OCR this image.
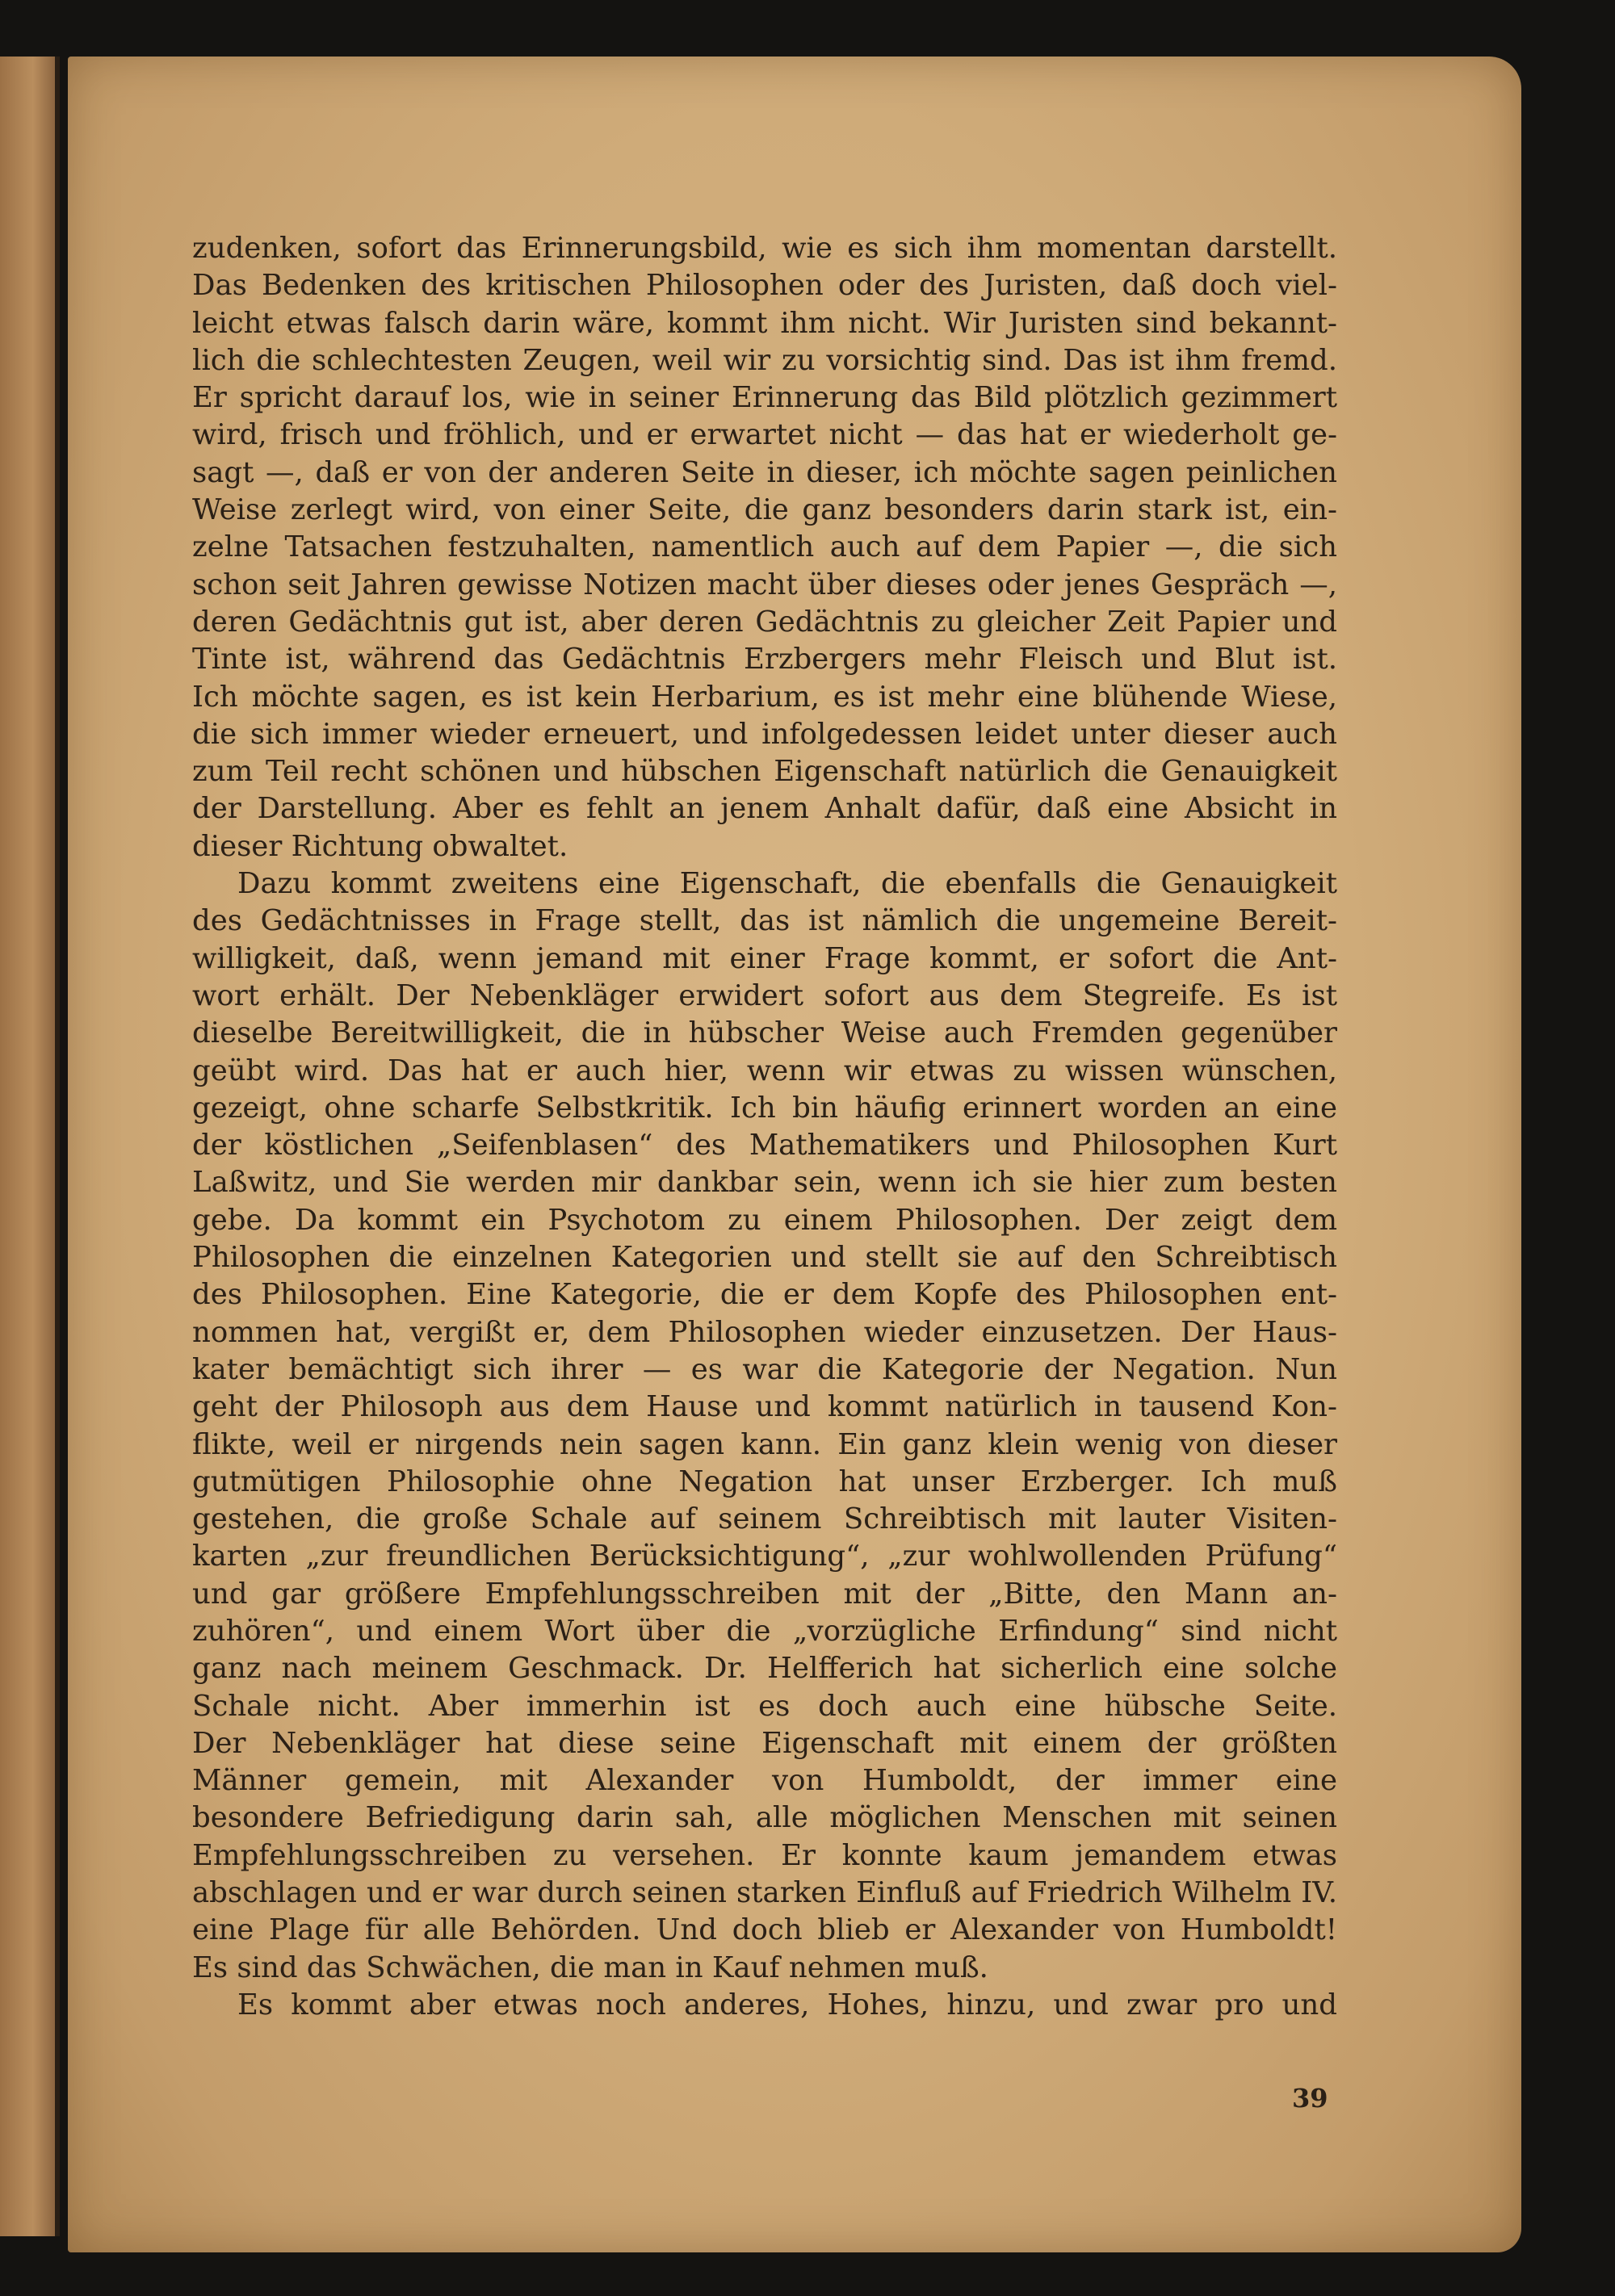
zudenken, sofort das Erinnerungsbild, wie es sich ihm momentan darstellt.
Das Bedenken des kritischen Philosophen oder des Juristen, daß doch viel-
leicht etwas falsch darin wäre, kommt ihm nicht. Wir Juristen sind bekannt-
lich die schlechtesten Zeugen, weil wir zu vorsichtig sind. Das ist ihm fremd.
Er spricht darauf los, wie in seiner Erinnerung das Bild plötzlich gezimmert
wird, frisch und fröhlich, und er erwartet nicht — das hat er wiederholt ge-
sagt —, daß er von der anderen Seite in dieser, ich möchte sagen peinlichen
Weise zerlegt wird, von einer Seite, die ganz besonders darin stark ist, ein-
zelne Tatsachen festzuhalten, namentlich auch auf dem Papier —, die sich
schon seit Jahren gewisse Notizen macht über dieses oder jenes Gespräch —,
deren Gedächtnis gut ist, aber deren Gedächtnis zu gleicher Zeit Papier und
Tinte ist, während das Gedächtnis Erzbergers mehr Fleisch und Blut ist.
Ich möchte sagen, es ist kein Herbarium, es ist mehr eine blühende Wiese,
die sich immer wieder erneuert, und infolgedessen leidet unter dieser auch
zum Teil recht schönen und hübschen Eigenschaft natürlich die Genauigkeit
der Darstellung. Aber es fehlt an jenem Anhalt dafür, daß eine Absicht in
dieser Richtung obwaltet.
Dazu kommt zweitens eine Eigenschaft, die ebenfalls die Genauigkeit
des Gedächtnisses in Frage stellt, das ist nämlich die ungemeine Bereit-
willigkeit, daß, wenn jemand mit einer Frage kommt, er sofort die Ant-
wort erhält. Der Nebenkläger erwidert sofort aus dem Stegreife. Es ist
dieselbe Bereitwilligkeit, die in hübscher Weise auch Fremden gegenüber
geübt wird. Das hat er auch hier, wenn wir etwas zu wissen wünschen,
gezeigt, ohne scharfe Selbstkritik. Ich bin häufig erinnert worden an eine
der köstlichen „Seifenblasen“ des Mathematikers und Philosophen Kurt
Laßwitz, und Sie werden mir dankbar sein, wenn ich sie hier zum besten
gebe. Da kommt ein Psychotom zu einem Philosophen. Der zeigt dem
Philosophen die einzelnen Kategorien und stellt sie auf den Schreibtisch
des Philosophen. Eine Kategorie, die er dem Kopfe des Philosophen ent-
nommen hat, vergißt er, dem Philosophen wieder einzusetzen. Der Haus-
kater bemächtigt sich ihrer — es war die Kategorie der Negation. Nun
geht der Philosoph aus dem Hause und kommt natürlich in tausend Kon-
flikte, weil er nirgends nein sagen kann. Ein ganz klein wenig von dieser
gutmütigen Philosophie ohne Negation hat unser Erzberger. Ich muß
gestehen, die große Schale auf seinem Schreibtisch mit lauter Visiten-
karten „zur freundlichen Berücksichtigung“, „zur wohlwollenden Prüfung“
und gar größere Empfehlungsschreiben mit der „Bitte, den Mann an-
zuhören“, und einem Wort über die „vorzügliche Erfindung“ sind nicht
ganz nach meinem Geschmack. Dr. Helfferich hat sicherlich eine solche
Schale nicht. Aber immerhin ist es doch auch eine hübsche Seite.
Der Nebenkläger hat diese seine Eigenschaft mit einem der größten
Männer gemein, mit Alexander von Humboldt, der immer eine
besondere Befriedigung darin sah, alle möglichen Menschen mit seinen
Empfehlungsschreiben zu versehen. Er konnte kaum jemandem etwas
abschlagen und er war durch seinen starken Einfluß auf Friedrich Wilhelm IV.
eine Plage für alle Behörden. Und doch blieb er Alexander von Humboldt!
Es sind das Schwächen, die man in Kauf nehmen muß.
Es kommt aber etwas noch anderes, Hohes, hinzu, und zwar pro und
39
